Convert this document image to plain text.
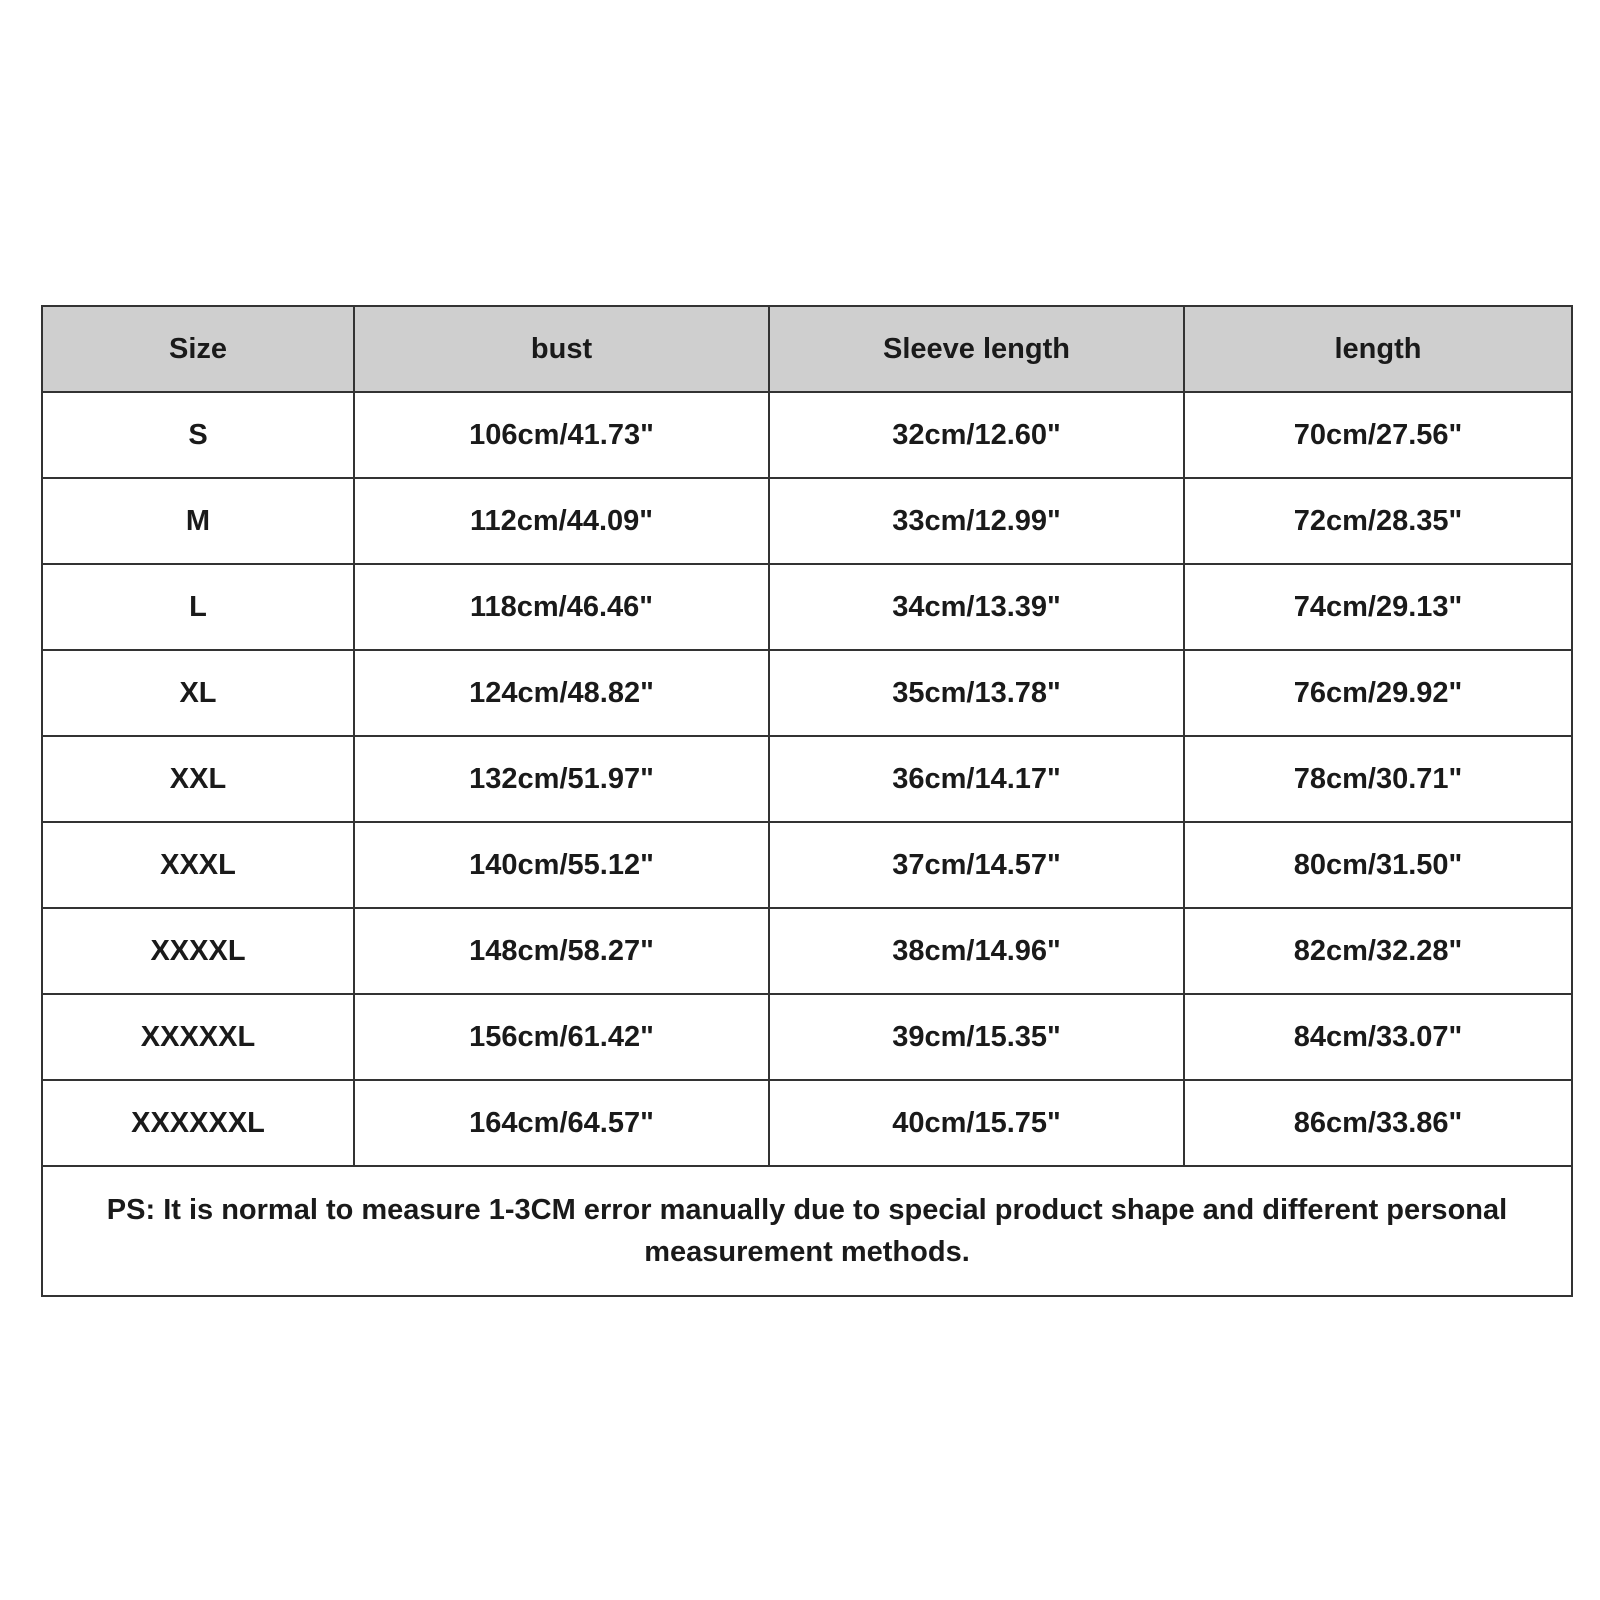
Size	bust	Sleeve length	length
S	106cm/41.73"	32cm/12.60"	70cm/27.56"
M	112cm/44.09"	33cm/12.99"	72cm/28.35"
L	118cm/46.46"	34cm/13.39"	74cm/29.13"
XL	124cm/48.82"	35cm/13.78"	76cm/29.92"
XXL	132cm/51.97"	36cm/14.17"	78cm/30.71"
XXXL	140cm/55.12"	37cm/14.57"	80cm/31.50"
XXXXL	148cm/58.27"	38cm/14.96"	82cm/32.28"
XXXXXL	156cm/61.42"	39cm/15.35"	84cm/33.07"
XXXXXXL	164cm/64.57"	40cm/15.75"	86cm/33.86"
PS: It is normal to measure 1-3CM error manually due to special product shape and different personal measurement methods.			
